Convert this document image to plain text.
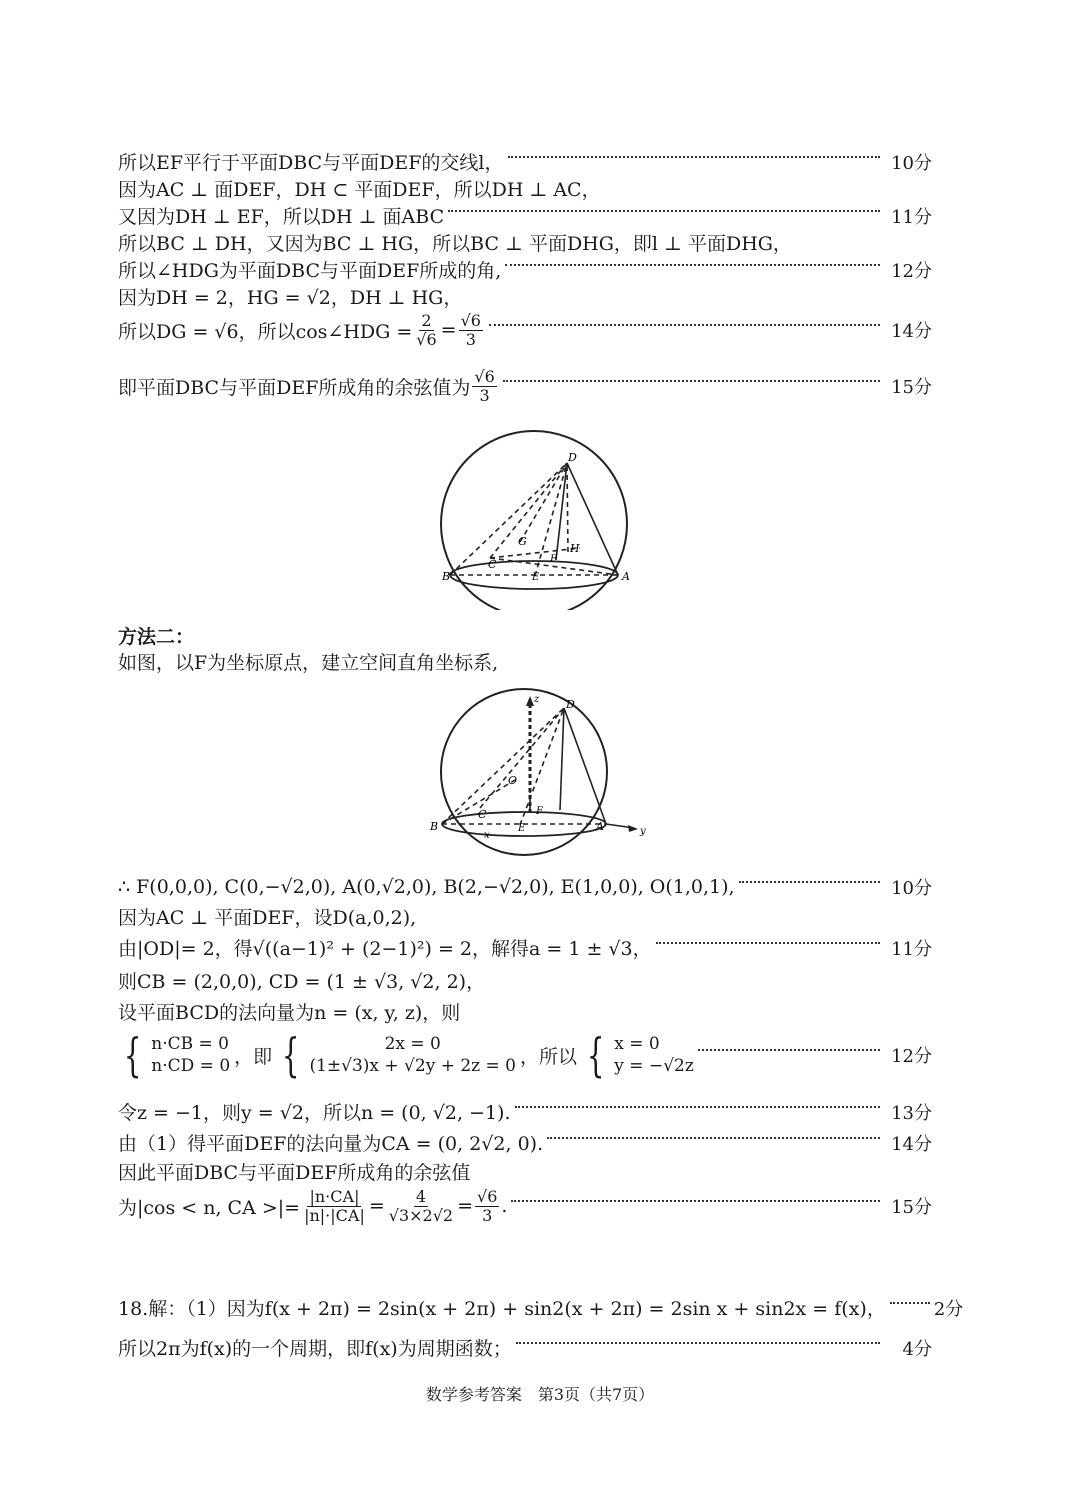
所以EF平行于平面DBC与平面DEF的交线l，	10分
因为AC ⊥ 面DEF，DH ⊂ 平面DEF，所以DH ⊥ AC，
又因为DH ⊥ EF，所以DH ⊥ 面ABC	11分
所以BC ⊥ DH，又因为BC ⊥ HG，所以BC ⊥ 平面DHG，即l ⊥ 平面DHG，
所以∠HDG为平面DBC与平面DEF所成的角,	12分
因为DH = 2，HG = √2，DH ⊥ HG，
所以DG = √6，所以cos∠HDG = $\frac{2}{√6} = \frac{√6}{3}$	14分
即平面DBC与平面DEF所成角的余弦值为 $\frac{√6}{3}$	15分
D
G
H
C	F
B	E	A
方法二：
如图，以F为坐标原点，建立空间直角坐标系,
z D
O
C	F
B	E	A
x	y
∴ F(0,0,0), C(0,−√2,0), A(0,√2,0), B(2,−√2,0), E(1,0,0), O(1,0,1),	10分
因为AC ⊥ 平面DEF，设D(a,0,2),
由|OD|= 2，得√((a−1)² + (2−1)²) = 2，解得a = 1 ± √3，	11分
则CB = (2,0,0), CD = (1 ± √3, √2, 2)，
设平面BCD的法向量为n = (x, y, z)，则
{ n·CB = 0
n·CD = 0 ，即 {	2x = 0
(1±√3)x + √2y + 2z = 0 ，所以 { x = 0
y = −√2z	12分
令z = −1，则y = √2，所以n = (0, √2, −1).	13分
由（1）得平面DEF的法向量为CA = (0, 2√2, 0).	14分
因此平面DBC与平面DEF所成角的余弦值
为|cos < n, CA >|= $\frac{|n\cdot CA|}{|n|\cdot|CA|} = \frac{4}{√3\times 2√2} = \frac{√6}{3}$ .	15分
18.解：（1）因为f(x + 2π) = 2sin(x + 2π) + sin2(x + 2π) = 2sin x + sin2x = f(x)，	2分
所以2π为f(x)的一个周期，即f(x)为周期函数；	4分
数学参考答案　第3页（共7页）
